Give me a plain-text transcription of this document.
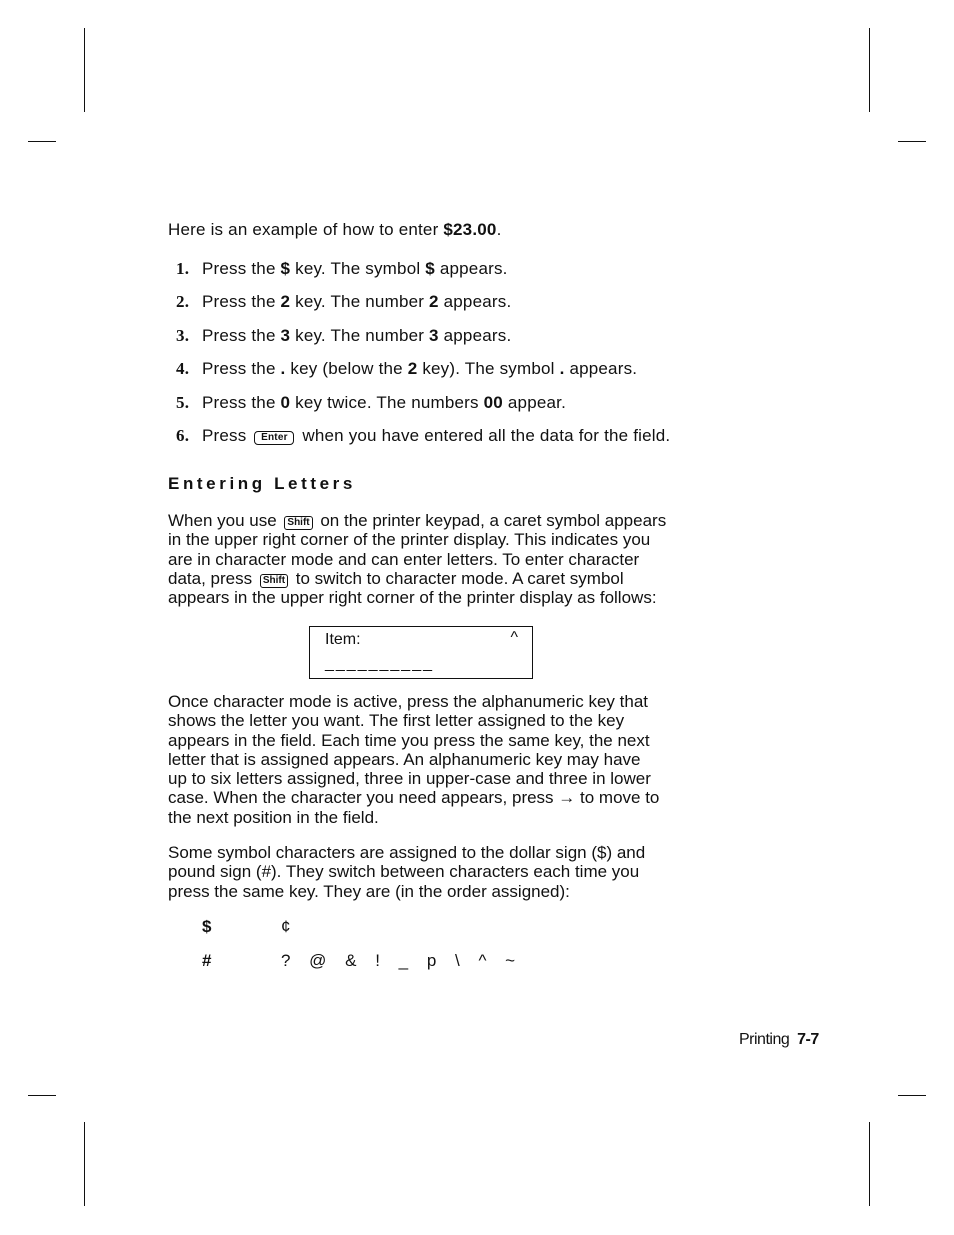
Here is an example of how to enter $23.00.
1. Press the $ key. The symbol $ appears.
2. Press the 2 key. The number 2 appears.
3. Press the 3 key. The number 3 appears.
4. Press the . key (below the 2 key). The symbol . appears.
5. Press the 0 key twice. The numbers 00 appear.
6. Press Enter when you have entered all the data for the field.
Entering Letters
When you use Shift on the printer keypad, a caret symbol appears
in the upper right corner of the printer display. This indicates you
are in character mode and can enter letters. To enter character
data, press Shift to switch to character mode. A caret symbol
appears in the upper right corner of the printer display as follows:
Item:	^
__________
Once character mode is active, press the alphanumeric key that
shows the letter you want. The first letter assigned to the key
appears in the field. Each time you press the same key, the next
letter that is assigned appears. An alphanumeric key may have
up to six letters assigned, three in upper-case and three in lower
case. When the character you need appears, press → to move to
the next position in the field.
Some symbol characters are assigned to the dollar sign ($) and
pound sign (#). They switch between characters each time you
press the same key. They are (in the order assigned):
$	¢
#	? @ & ! _ p \ ^ ~
Printing 7-7
